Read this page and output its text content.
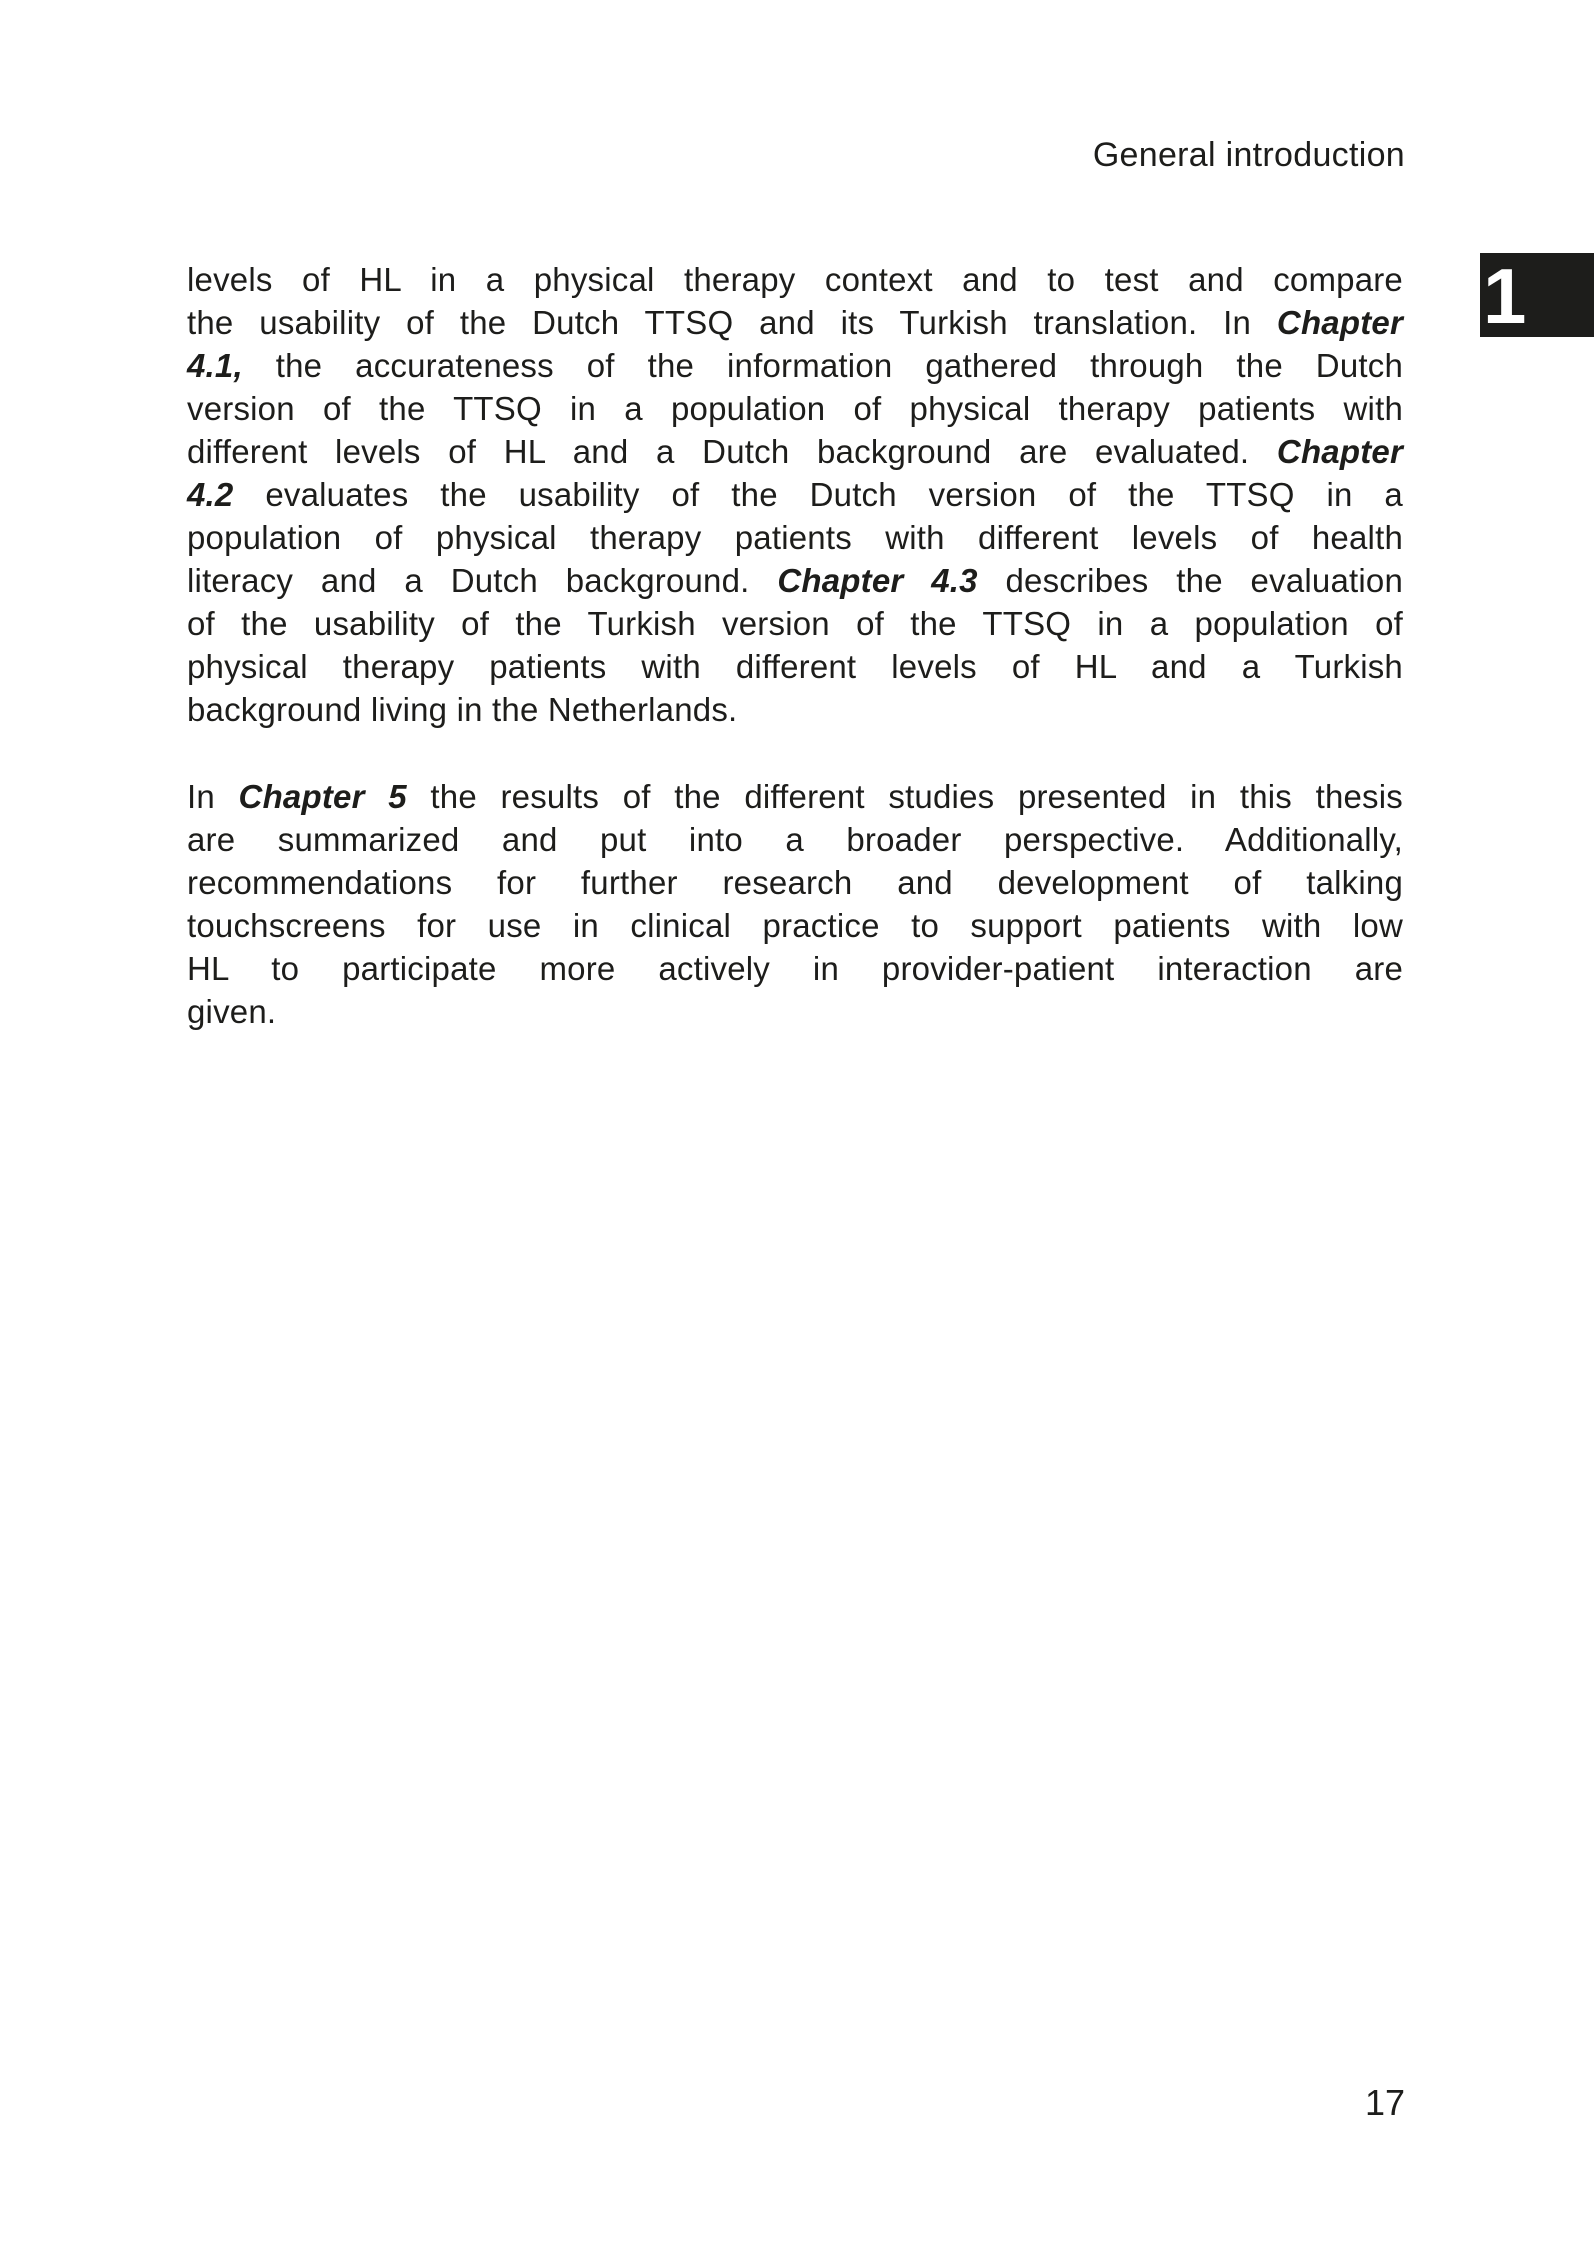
General introduction
1
levels of HL in a physical therapy context and to test and compare
the usability of the Dutch TTSQ and its Turkish translation. In Chapter
4.1, the accurateness of the information gathered through the Dutch
version of the TTSQ in a population of physical therapy patients with
different levels of HL and a Dutch background are evaluated. Chapter
4.2 evaluates the usability of the Dutch version of the TTSQ in a
population of physical therapy patients with different levels of health
literacy and a Dutch background. Chapter 4.3 describes the evaluation
of the usability of the Turkish version of the TTSQ in a population of
physical therapy patients with different levels of HL and a Turkish
background living in the Netherlands.
In Chapter 5 the results of the different studies presented in this thesis
are summarized and put into a broader perspective. Additionally,
recommendations for further research and development of talking
touchscreens for use in clinical practice to support patients with low
HL to participate more actively in provider-patient interaction are
given.
17
